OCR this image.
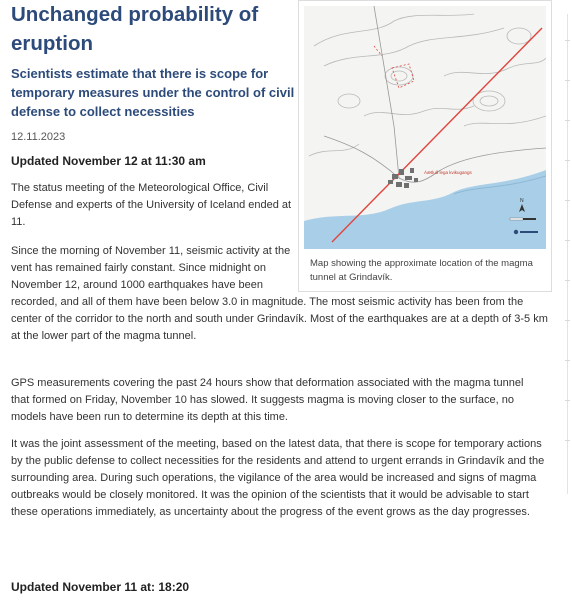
Unchanged probability of eruption
Scientists estimate that there is scope for temporary measures under the control of civil defense to collect necessities
12.11.2023
Updated November 12 at 11:30 am

The status meeting of the Meteorological Office, Civil Defense and experts of the University of Iceland ended at 11.

Since the morning of November 11, seismic activity at the vent has remained fairly constant. Since midnight on November 12, around 1000 earthquakes have been recorded, and all of them have been below 3.0 in magnitude. The most seismic activity has been from the center of the corridor to the north and south under Grindavík. Most of the earthquakes are at a depth of 3-5 km at the lower part of the magma tunnel.

GPS measurements covering the past 24 hours show that deformation associated with the magma tunnel that formed on Friday, November 10 has slowed. It suggests magma is moving closer to the surface, no models have been run to determine its depth at this time.

It was the joint assessment of the meeting, based on the latest data, that there is scope for temporary actions by the public defense to collect necessities for the residents and attend to urgent errands in Grindavík and the surrounding area. During such operations, the vigilance of the area would be increased and signs of magma outbreaks would be closely monitored. It was the opinion of the scientists that it would be advisable to start these operations immediately, as uncertainty about the progress of the event grows as the day progresses.

Updated November 11 at: 18:20
Áætluð lega kvikugangs
N
Map showing the approximate location of the magma tunnel at Grindavík.
